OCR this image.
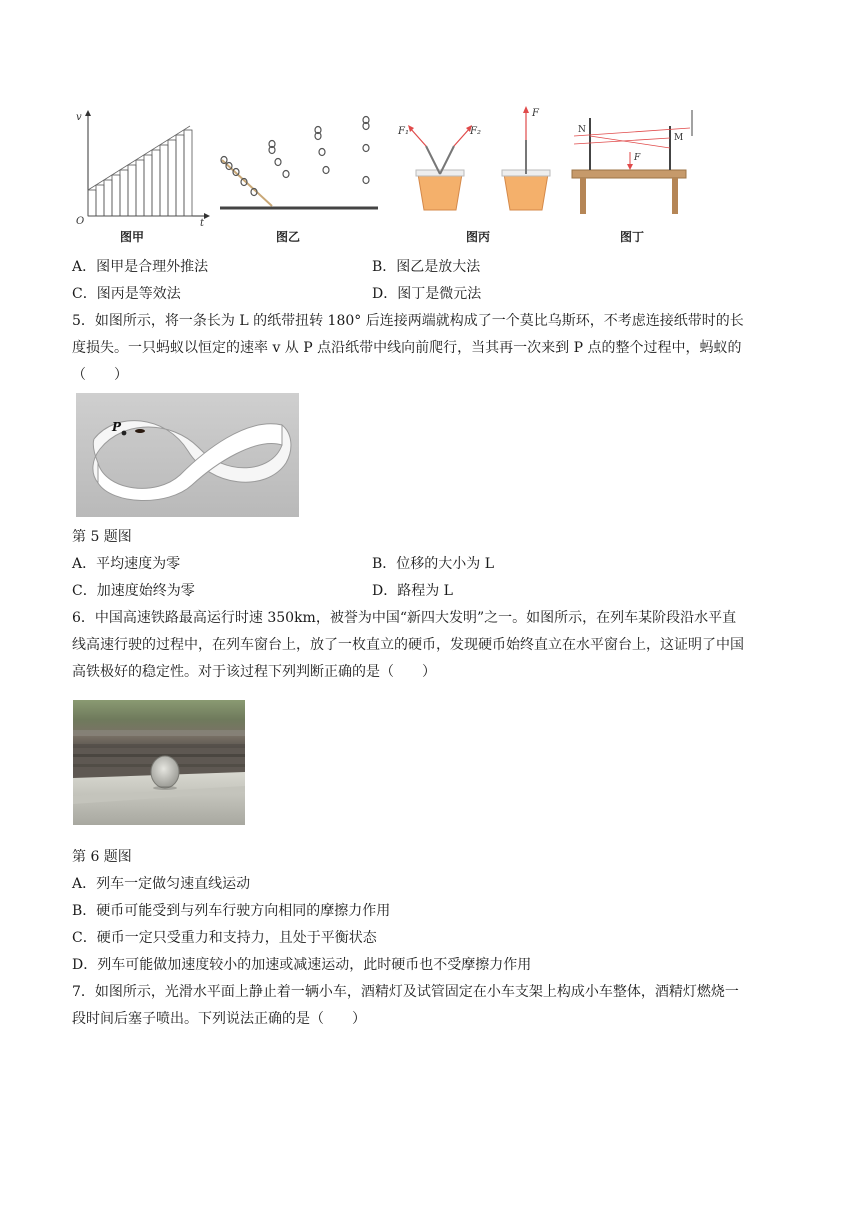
v
t
O
图甲	图乙
F₁	F₂
F
图丙
N
M
F
图丁
A．图甲是合理外推法	B．图乙是放大法
C．图丙是等效法	D．图丁是微元法
5．如图所示，将一条长为 L 的纸带扭转 180° 后连接两端就构成了一个莫比乌斯环，不考虑连接纸带时的长
度损失。一只蚂蚁以恒定的速率 v 从 P 点沿纸带中线向前爬行，当其再一次来到 P 点的整个过程中，蚂蚁的
（　　）
P
第 5 题图
A．平均速度为零	B．位移的大小为 L
C．加速度始终为零	D．路程为 L
6．中国高速铁路最高运行时速 350km，被誉为中国“新四大发明”之一。如图所示，在列车某阶段沿水平直
线高速行驶的过程中，在列车窗台上，放了一枚直立的硬币，发现硬币始终直立在水平窗台上，这证明了中国
高铁极好的稳定性。对于该过程下列判断正确的是（　　）
第 6 题图
A．列车一定做匀速直线运动
B．硬币可能受到与列车行驶方向相同的摩擦力作用
C．硬币一定只受重力和支持力，且处于平衡状态
D．列车可能做加速度较小的加速或减速运动，此时硬币也不受摩擦力作用
7．如图所示，光滑水平面上静止着一辆小车，酒精灯及试管固定在小车支架上构成小车整体，酒精灯燃烧一
段时间后塞子喷出。下列说法正确的是（　　）
